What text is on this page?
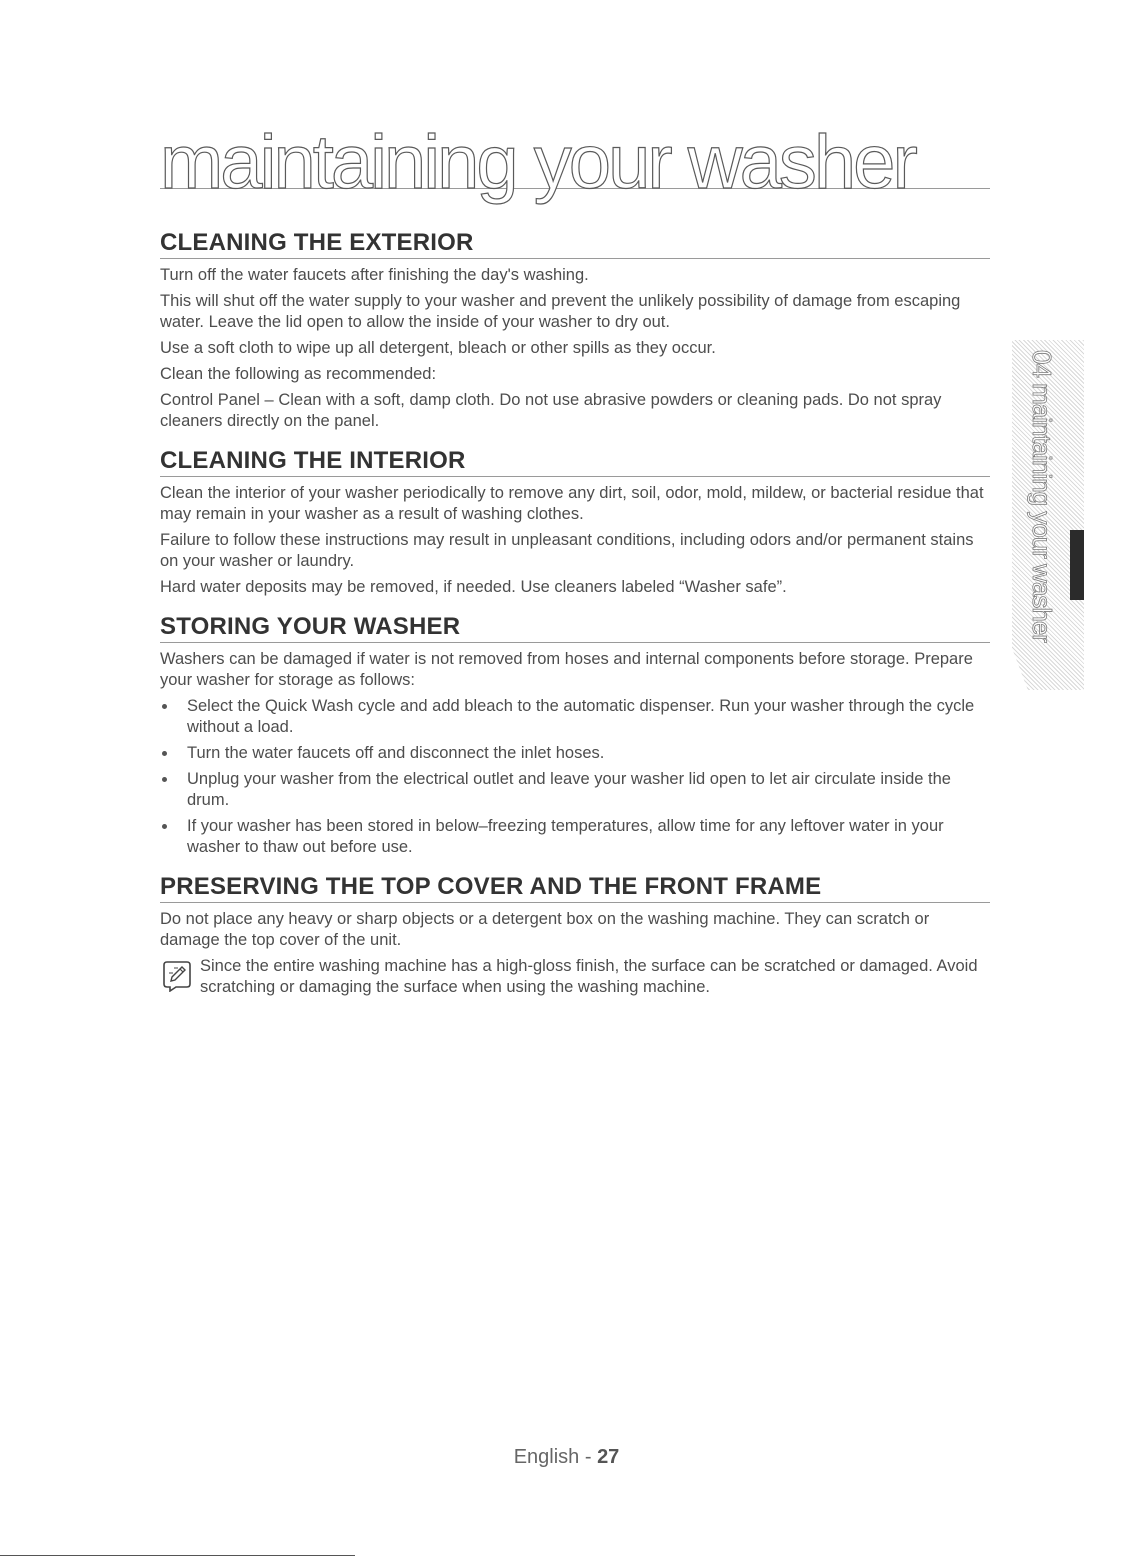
maintaining your washer
CLEANING THE EXTERIOR

Turn off the water faucets after finishing the day's washing.

This will shut off the water supply to your washer and prevent the unlikely possibility of damage from escaping water. Leave the lid open to allow the inside of your washer to dry out.

Use a soft cloth to wipe up all detergent, bleach or other spills as they occur.

Clean the following as recommended:

Control Panel – Clean with a soft, damp cloth. Do not use abrasive powders or cleaning pads. Do not spray cleaners directly on the panel.

CLEANING THE INTERIOR

Clean the interior of your washer periodically to remove any dirt, soil, odor, mold, mildew, or bacterial residue that may remain in your washer as a result of washing clothes.

Failure to follow these instructions may result in unpleasant conditions, including odors and/or permanent stains on your washer or laundry.

Hard water deposits may be removed, if needed. Use cleaners labeled “Washer safe”.

STORING YOUR WASHER

Washers can be damaged if water is not removed from hoses and internal components before storage. Prepare your washer for storage as follows:

Select the Quick Wash cycle and add bleach to the automatic dispenser. Run your washer through the cycle without a load.
Turn the water faucets off and disconnect the inlet hoses.
Unplug your washer from the electrical outlet and leave your washer lid open to let air circulate inside the drum.
If your washer has been stored in below–freezing temperatures, allow time for any leftover water in your washer to thaw out before use.
PRESERVING THE TOP COVER AND THE FRONT FRAME

Do not place any heavy or sharp objects or a detergent box on the washing machine. They can scratch or damage the top cover of the unit.

Since the entire washing machine has a high-gloss finish, the surface can be scratched or damaged. Avoid scratching or damaging the surface when using the washing machine.
04 maintaining your washer
English - 27
